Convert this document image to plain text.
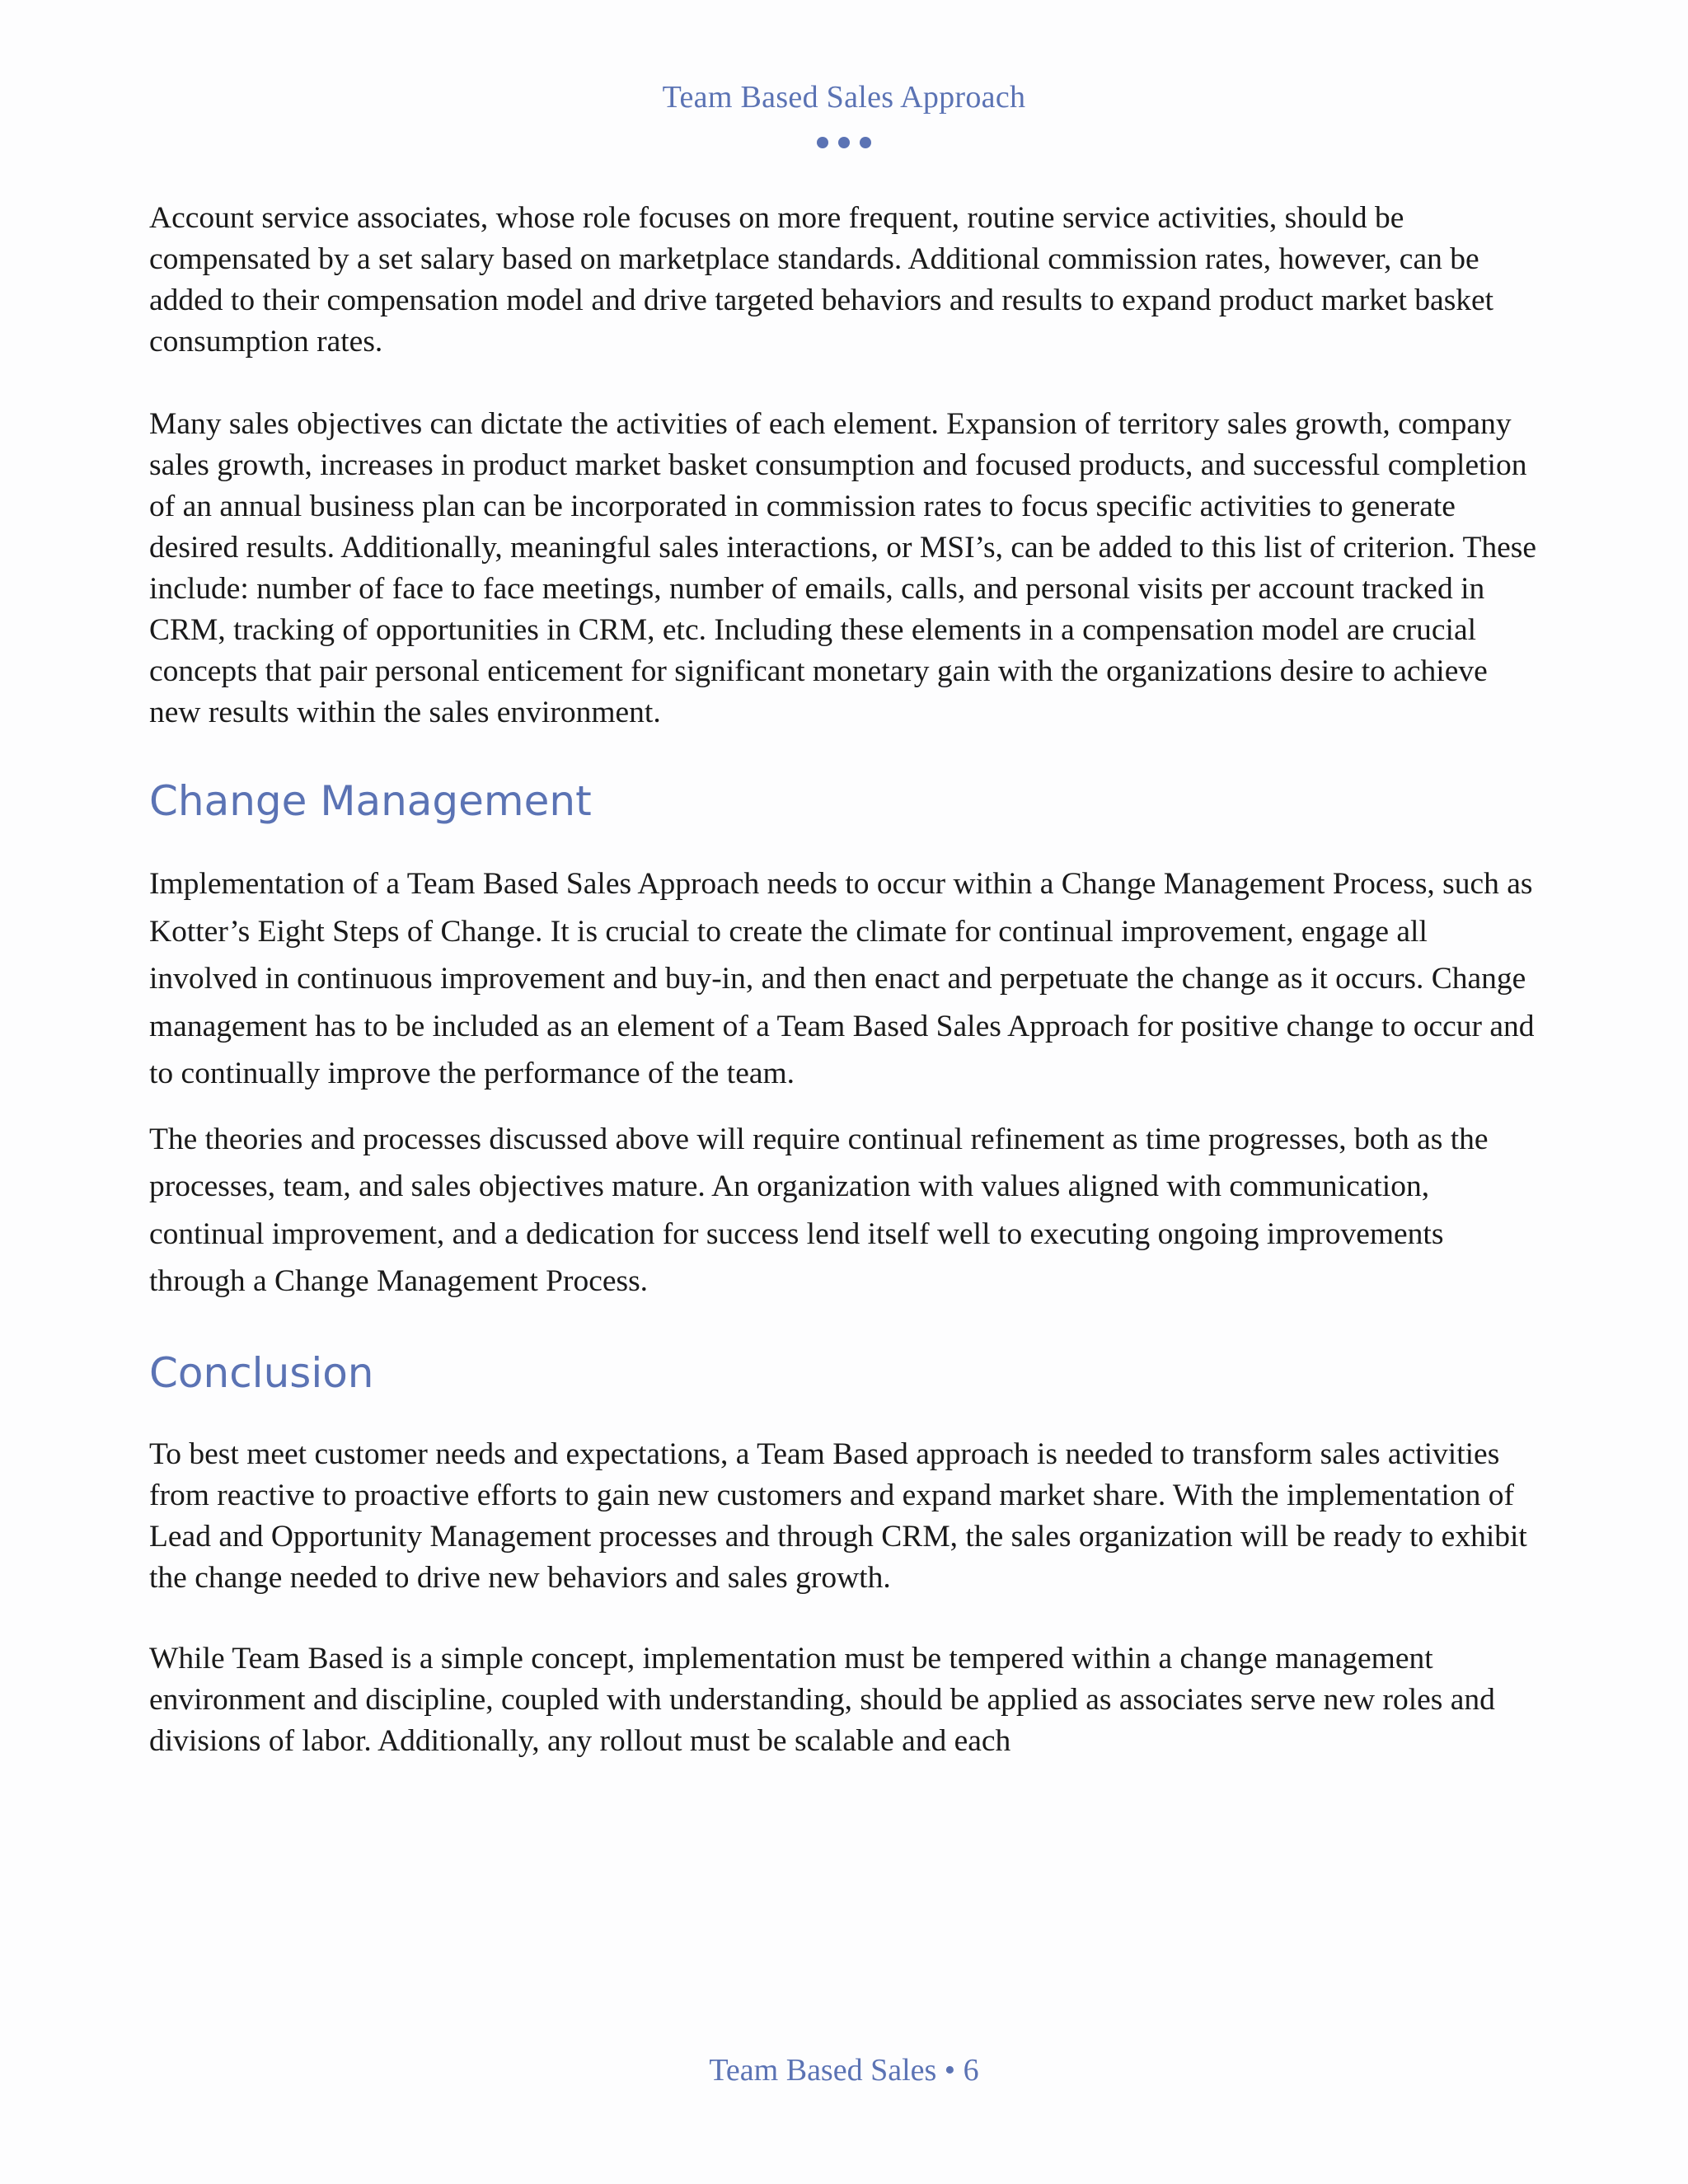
Team Based Sales Approach

Account service associates, whose role focuses on more frequent, routine service activities, should be compensated by a set salary based on marketplace standards. Additional commission rates, however, can be added to their compensation model and drive targeted behaviors and results to expand product market basket consumption rates.

Many sales objectives can dictate the activities of each element. Expansion of territory sales growth, company sales growth, increases in product market basket consumption and focused products, and successful completion of an annual business plan can be incorporated in commission rates to focus specific activities to generate desired results. Additionally, meaningful sales interactions, or MSI’s, can be added to this list of criterion. These include: number of face to face meetings, number of emails, calls, and personal visits per account tracked in CRM, tracking of opportunities in CRM, etc. Including these elements in a compensation model are crucial concepts that pair personal enticement for significant monetary gain with the organizations desire to achieve new results within the sales environment.

Change Management

Implementation of a Team Based Sales Approach needs to occur within a Change Management Process, such as Kotter’s Eight Steps of Change. It is crucial to create the climate for continual improvement, engage all involved in continuous improvement and buy-in, and then enact and perpetuate the change as it occurs. Change management has to be included as an element of a Team Based Sales Approach for positive change to occur and to continually improve the performance of the team.

The theories and processes discussed above will require continual refinement as time progresses, both as the processes, team, and sales objectives mature. An organization with values aligned with communication, continual improvement, and a dedication for success lend itself well to executing ongoing improvements through a Change Management Process.

Conclusion

To best meet customer needs and expectations, a Team Based approach is needed to transform sales activities from reactive to proactive efforts to gain new customers and expand market share. With the implementation of Lead and Opportunity Management processes and through CRM, the sales organization will be ready to exhibit the change needed to drive new behaviors and sales growth.

While Team Based is a simple concept, implementation must be tempered within a change management environment and discipline, coupled with understanding, should be applied as associates serve new roles and divisions of labor. Additionally, any rollout must be scalable and each

Team Based Sales • 6
